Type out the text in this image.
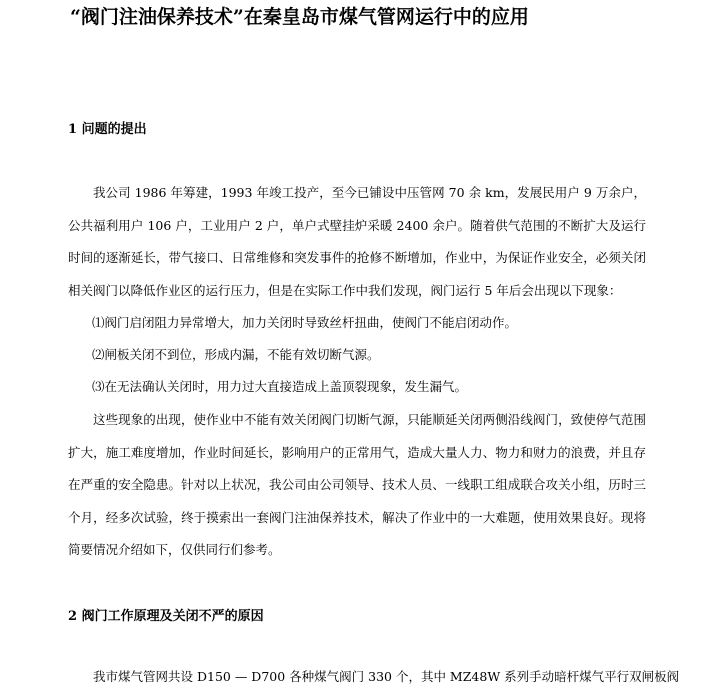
“阀门注油保养技术”在秦皇岛市煤气管网运行中的应用
1 问题的提出

我公司 1986 年筹建，1993 年竣工投产，至今已铺设中压管网 70 余 km，发展民用户 9 万余户，公共福利用户 106 户，工业用户 2 户，单户式壁挂炉采暖 2400 余户。随着供气范围的不断扩大及运行时间的逐渐延长，带气接口、日常维修和突发事件的抢修不断增加，作业中，为保证作业安全，必须关闭相关阀门以降低作业区的运行压力，但是在实际工作中我们发现，阀门运行 5 年后会出现以下现象：

⑴阀门启闭阻力异常增大，加力关闭时导致丝杆扭曲，使阀门不能启闭动作。

⑵闸板关闭不到位，形成内漏，不能有效切断气源。

⑶在无法确认关闭时，用力过大直接造成上盖顶裂现象，发生漏气。

这些现象的出现，使作业中不能有效关闭阀门切断气源，只能顺延关闭两侧沿线阀门，致使停气范围扩大，施工难度增加，作业时间延长，影响用户的正常用气，造成大量人力、物力和财力的浪费，并且存在严重的安全隐患。针对以上状况，我公司由公司领导、技术人员、一线职工组成联合攻关小组，历时三个月，经多次试验，终于摸索出一套阀门注油保养技术，解决了作业中的一大难题，使用效果良好。现将简要情况介绍如下，仅供同行们参考。

2 阀门工作原理及关闭不严的原因

我市煤气管网共设 D150 — D700 各种煤气阀门 330 个，其中 MZ48W 系列手动暗杆煤气平行双闸板阀
